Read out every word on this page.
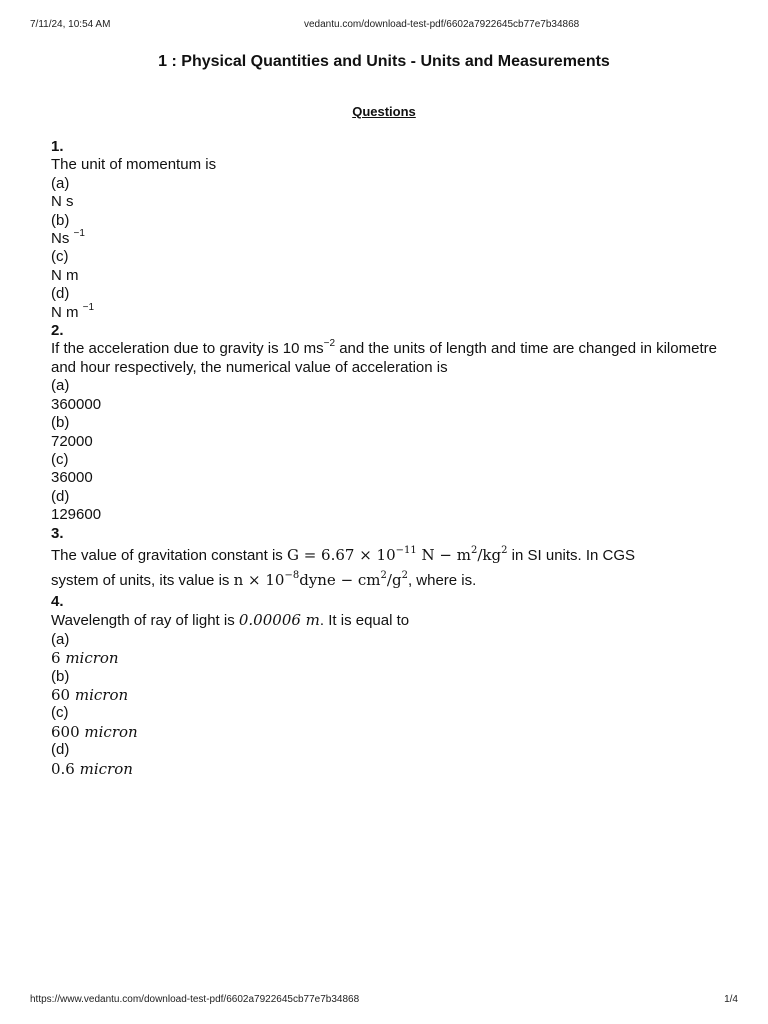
7/11/24, 10:54 AM	vedantu.com/download-test-pdf/6602a7922645cb77e7b34868
1 : Physical Quantities and Units - Units and Measurements
Questions

1.

The unit of momentum is

(a)

N s

(b)

Ns $^{-1}$

(c)

N m

(d)

N m $^{-1}$

2.

If the acceleration due to gravity is 10 $ms^{-2}$ and the units of length and time are changed in kilometre and hour respectively, the numerical value of acceleration is

(a)

360000

(b)

72000

(c)

36000

(d)

129600

3.

The value of gravitation constant is $G = 6.67 \times 10^{-11}$ $N - m^2/kg^2$ in SI units. In CGS

system of units, its value is $n \times 10^{-8}dyne - cm^2/g^2$, where is.

4.

Wavelength of ray of light is 0.00006 m. It is equal to

(a)

6 micron

(b)

60 micron

(c)

600 micron

(d)

0.6 micron

https://www.vedantu.com/download-test-pdf/6602a7922645cb77e7b34868	1/4
